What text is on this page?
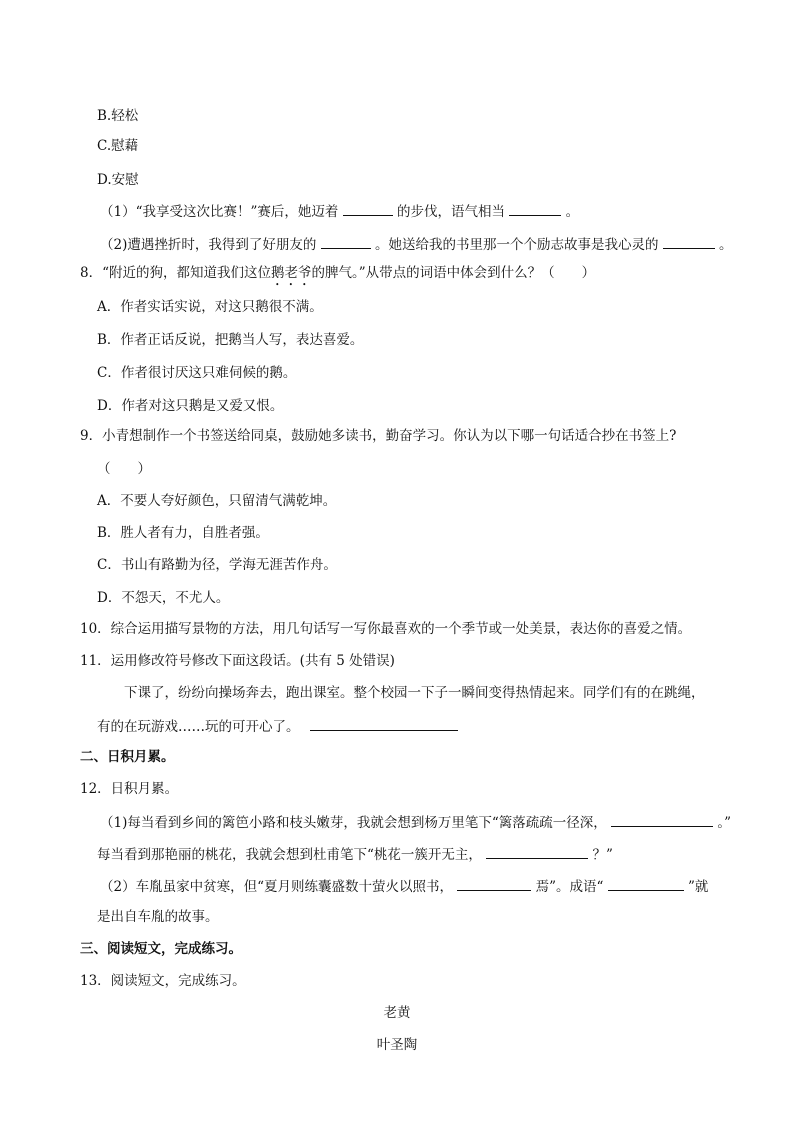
B.轻松
C.慰藉
D.安慰
（1）“我享受这次比赛！”赛后，她迈着	的步伐，语气相当	。
（2)遭遇挫折时，我得到了好朋友的	。她送给我的书里那一个个励志故事是我心灵的	。
8．“附近的狗，都知道我们这位鹅老爷的脾气。”从带点的词语中体会到什么？（　　）
A．作者实话实说，对这只鹅很不满。
B．作者正话反说，把鹅当人写，表达喜爱。
C．作者很讨厌这只难伺候的鹅。
D．作者对这只鹅是又爱又恨。
9．小青想制作一个书签送给同桌，鼓励她多读书，勤奋学习。你认为以下哪一句话适合抄在书签上?
（　　）
A．不要人夸好颜色，只留清气满乾坤。
B．胜人者有力，自胜者强。
C．书山有路勤为径，学海无涯苦作舟。
D．不怨天，不尤人。
10．综合运用描写景物的方法，用几句话写一写你最喜欢的一个季节或一处美景，表达你的喜爱之情。
11．运用修改符号修改下面这段话。(共有 5 处错误)
下课了，纷纷向操场奔去，跑出课室。整个校园一下子一瞬间变得热情起来。同学们有的在跳绳，
有的在玩游戏……玩的可开心了。
二、日积月累。
12．日积月累。
（1)每当看到乡间的篱笆小路和枝头嫩芽，我就会想到杨万里笔下“篱落疏疏一径深，	。”
每当看到那艳丽的桃花，我就会想到杜甫笔下“桃花一簇开无主，	？”
（2）车胤虽家中贫寒，但“夏月则练囊盛数十萤火以照书，	焉”。成语“	”就
是出自车胤的故事。
三、阅读短文，完成练习。
13．阅读短文，完成练习。
老黄
叶圣陶
